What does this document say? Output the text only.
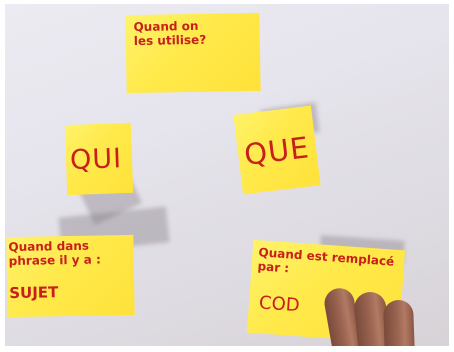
Quand on
les utilise?
QUI	QUE
Quand dans
phrase il y a :
SUJET
Quand est remplacé
par :
COD
